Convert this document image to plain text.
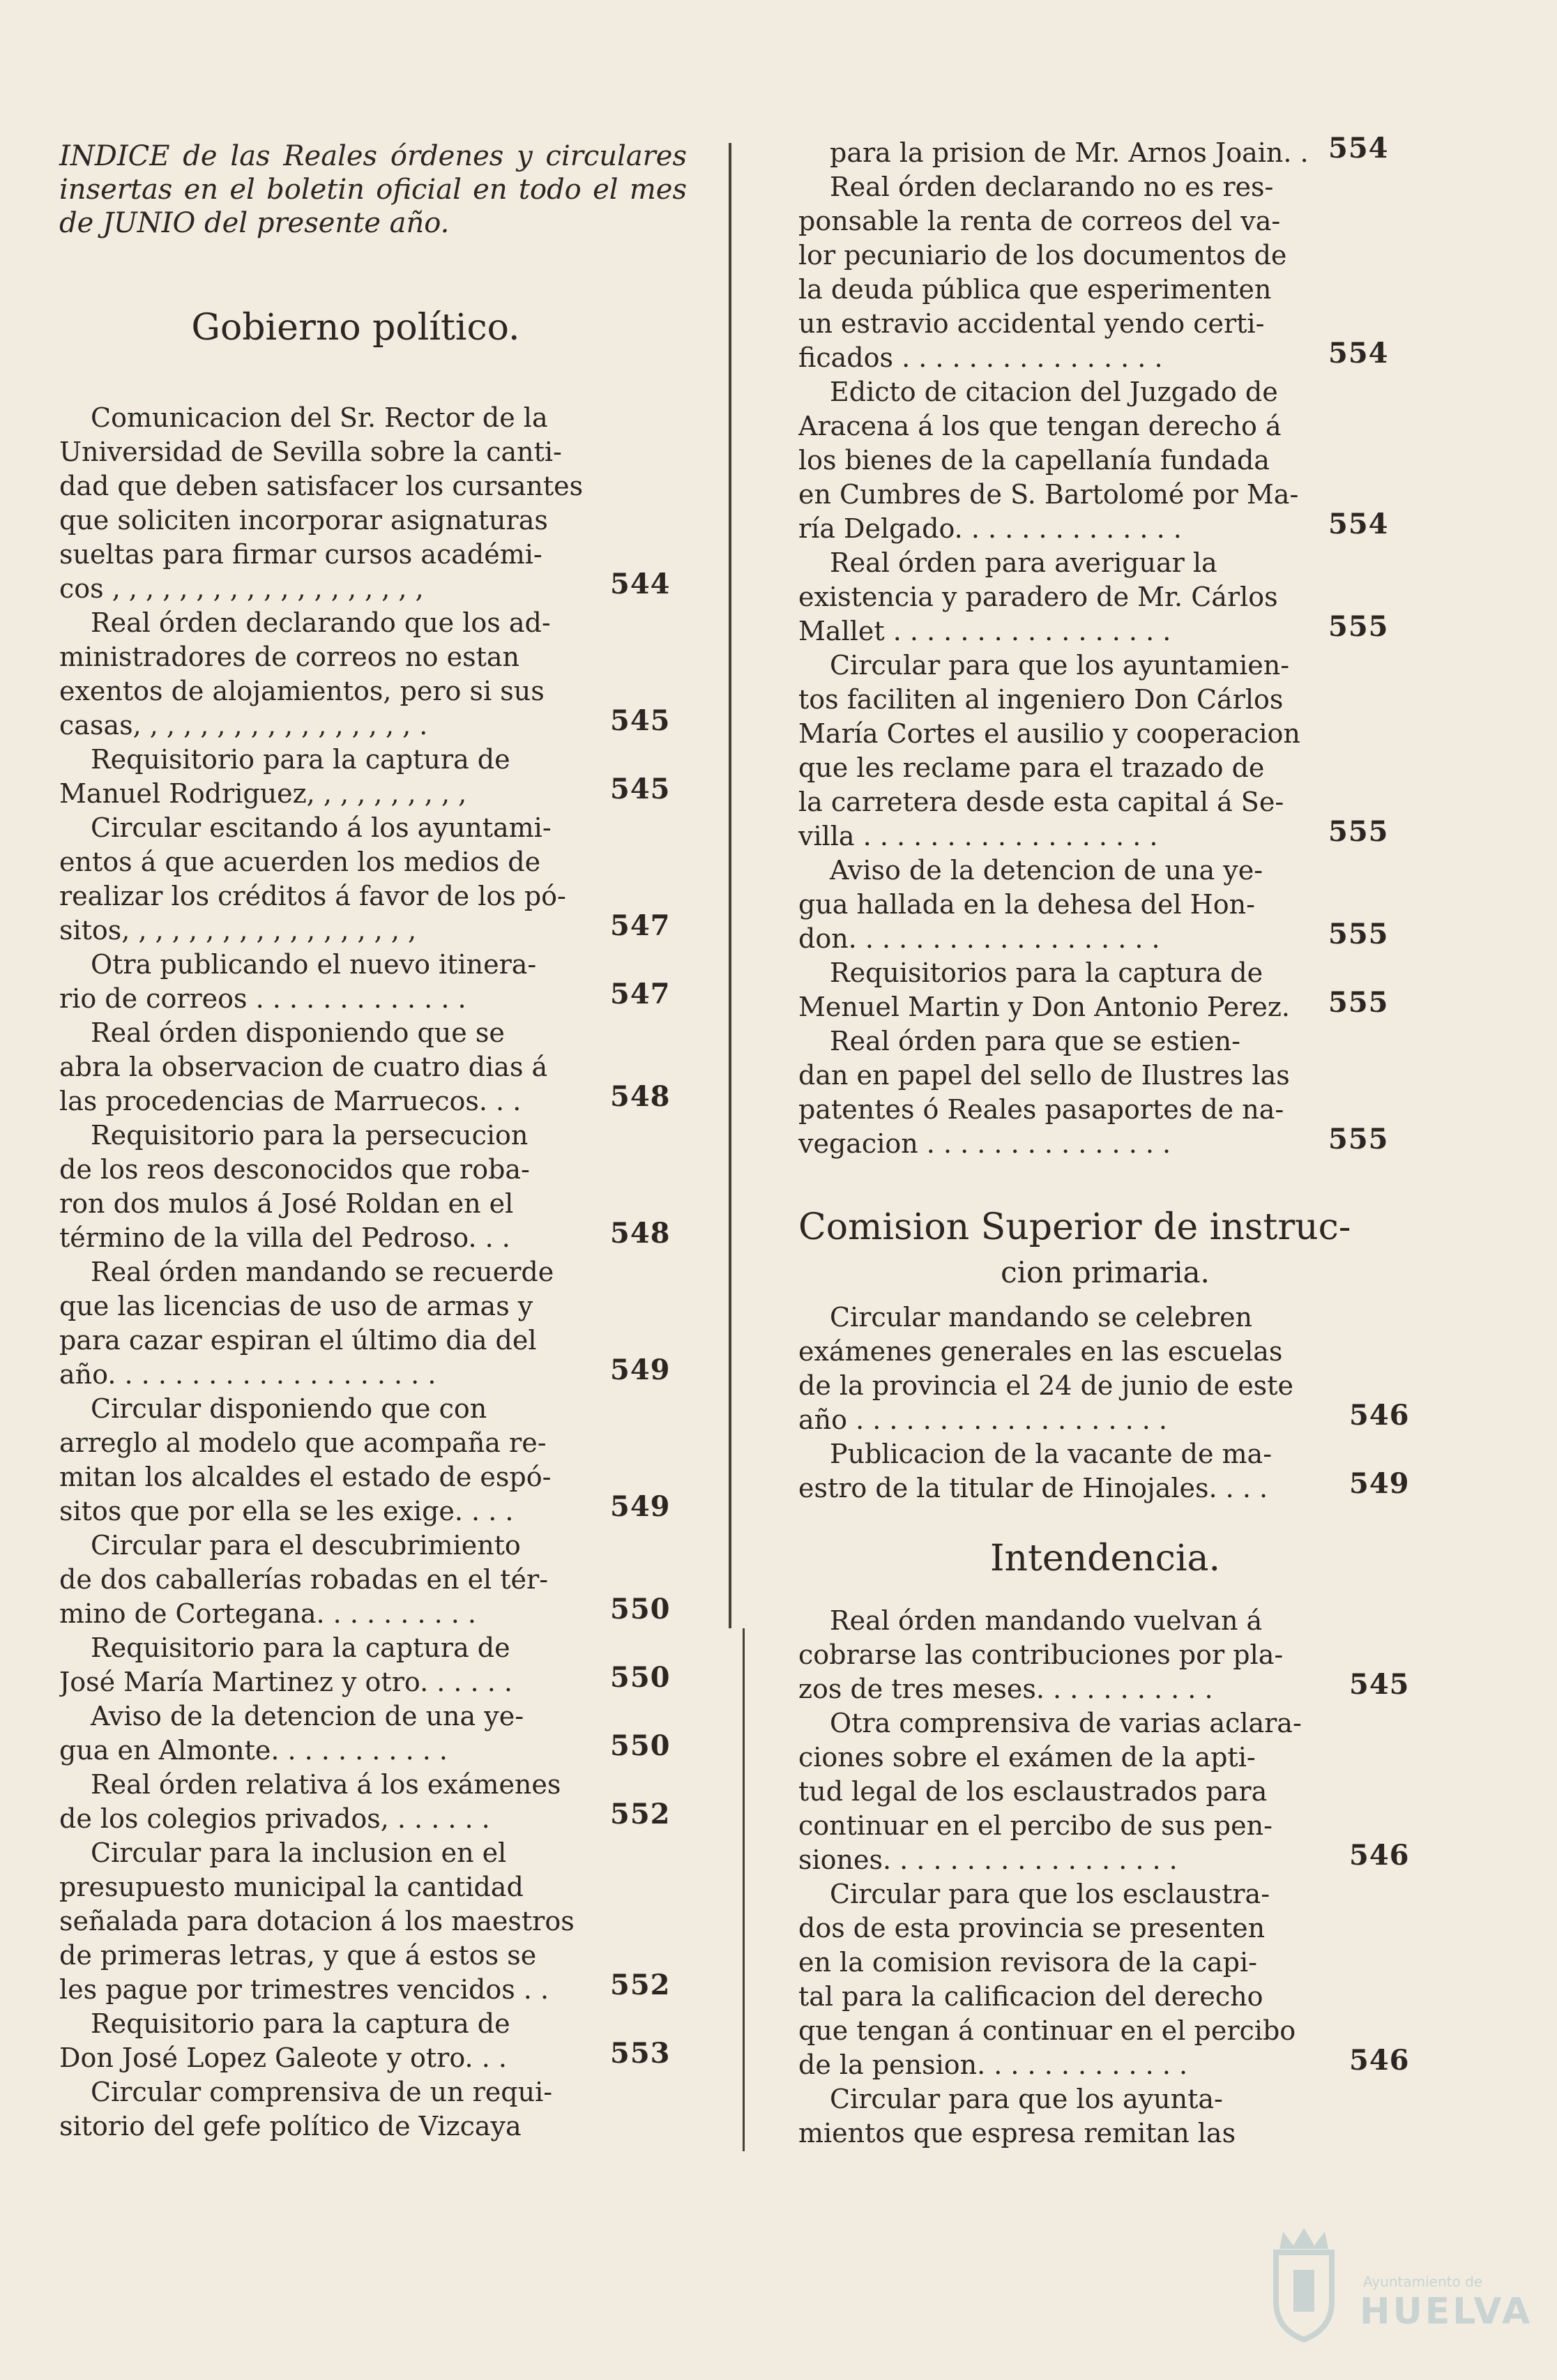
INDICE de las Reales órdenes y circulares insertas en el boletin oficial en todo el mes de JUNIO del presente año.
Gobierno político.
Comunicacion del Sr. Rector de la
Universidad de Sevilla sobre la canti-
dad que deben satisfacer los cursantes
que soliciten incorporar asignaturas
sueltas para firmar cursos académi-
cos , , , , , , , , , , , , , , , , , , ,	544
Real órden declarando que los ad-
ministradores de correos no estan
exentos de alojamientos, pero si sus
casas, , , , , , , , , , , , , , , , , .	545
Requisitorio para la captura de
Manuel Rodriguez, , , , , , , , , ,	545
Circular escitando á los ayuntami-
entos á que acuerden los medios de
realizar los créditos á favor de los pó-
sitos, , , , , , , , , , , , , , , , , ,	547
Otra publicando el nuevo itinera-
rio de correos . . . . . . . . . . . . .	547
Real órden disponiendo que se
abra la observacion de cuatro dias á
las procedencias de Marruecos. . .	548
Requisitorio para la persecucion
de los reos desconocidos que roba-
ron dos mulos á José Roldan en el
término de la villa del Pedroso. . .	548
Real órden mandando se recuerde
que las licencias de uso de armas y
para cazar espiran el último dia del
año. . . . . . . . . . . . . . . . . . . .	549
Circular disponiendo que con
arreglo al modelo que acompaña re-
mitan los alcaldes el estado de espó-
sitos que por ella se les exige. . . .	549
Circular para el descubrimiento
de dos caballerías robadas en el tér-
mino de Cortegana. . . . . . . . . .	550
Requisitorio para la captura de
José María Martinez y otro. . . . . .	550
Aviso de la detencion de una ye-
gua en Almonte. . . . . . . . . . .	550
Real órden relativa á los exámenes
de los colegios privados, . . . . . .	552
Circular para la inclusion en el
presupuesto municipal la cantidad
señalada para dotacion á los maestros
de primeras letras, y que á estos se
les pague por trimestres vencidos . .	552
Requisitorio para la captura de
Don José Lopez Galeote y otro. . .	553
Circular comprensiva de un requi-
sitorio del gefe político de Vizcaya
para la prision de Mr. Arnos Joain. . 554
Real órden declarando no es res-
ponsable la renta de correos del va-
lor pecuniario de los documentos de
la deuda pública que esperimenten
un estravio accidental yendo certi-
ficados . . . . . . . . . . . . . . . .	554
Edicto de citacion del Juzgado de
Aracena á los que tengan derecho á
los bienes de la capellanía fundada
en Cumbres de S. Bartolomé por Ma-
ría Delgado. . . . . . . . . . . . . .	554
Real órden para averiguar la
existencia y paradero de Mr. Cárlos
Mallet . . . . . . . . . . . . . . . . .	555
Circular para que los ayuntamien-
tos faciliten al ingeniero Don Cárlos
María Cortes el ausilio y cooperacion
que les reclame para el trazado de
la carretera desde esta capital á Se-
villa . . . . . . . . . . . . . . . . . .	555
Aviso de la detencion de una ye-
gua hallada en la dehesa del Hon-
don. . . . . . . . . . . . . . . . . . .	555
Requisitorios para la captura de
Menuel Martin y Don Antonio Perez.	555
Real órden para que se estien-
dan en papel del sello de Ilustres las
patentes ó Reales pasaportes de na-
vegacion . . . . . . . . . . . . . . .	555
Comision Superior de instruc-
cion primaria.
Circular mandando se celebren
exámenes generales en las escuelas
de la provincia el 24 de junio de este
año . . . . . . . . . . . . . . . . . . .	546
Publicacion de la vacante de ma-
estro de la titular de Hinojales. . . .	549
Intendencia.
Real órden mandando vuelvan á
cobrarse las contribuciones por pla-
zos de tres meses. . . . . . . . . . .	545
Otra comprensiva de varias aclara-
ciones sobre el exámen de la apti-
tud legal de los esclaustrados para
continuar en el percibo de sus pen-
siones. . . . . . . . . . . . . . . . . .	546
Circular para que los esclaustra-
dos de esta provincia se presenten
en la comision revisora de la capi-
tal para la calificacion del derecho
que tengan á continuar en el percibo
de la pension. . . . . . . . . . . . .	546
Circular para que los ayunta-
mientos que espresa remitan las
Ayuntamiento de
HUELVA
